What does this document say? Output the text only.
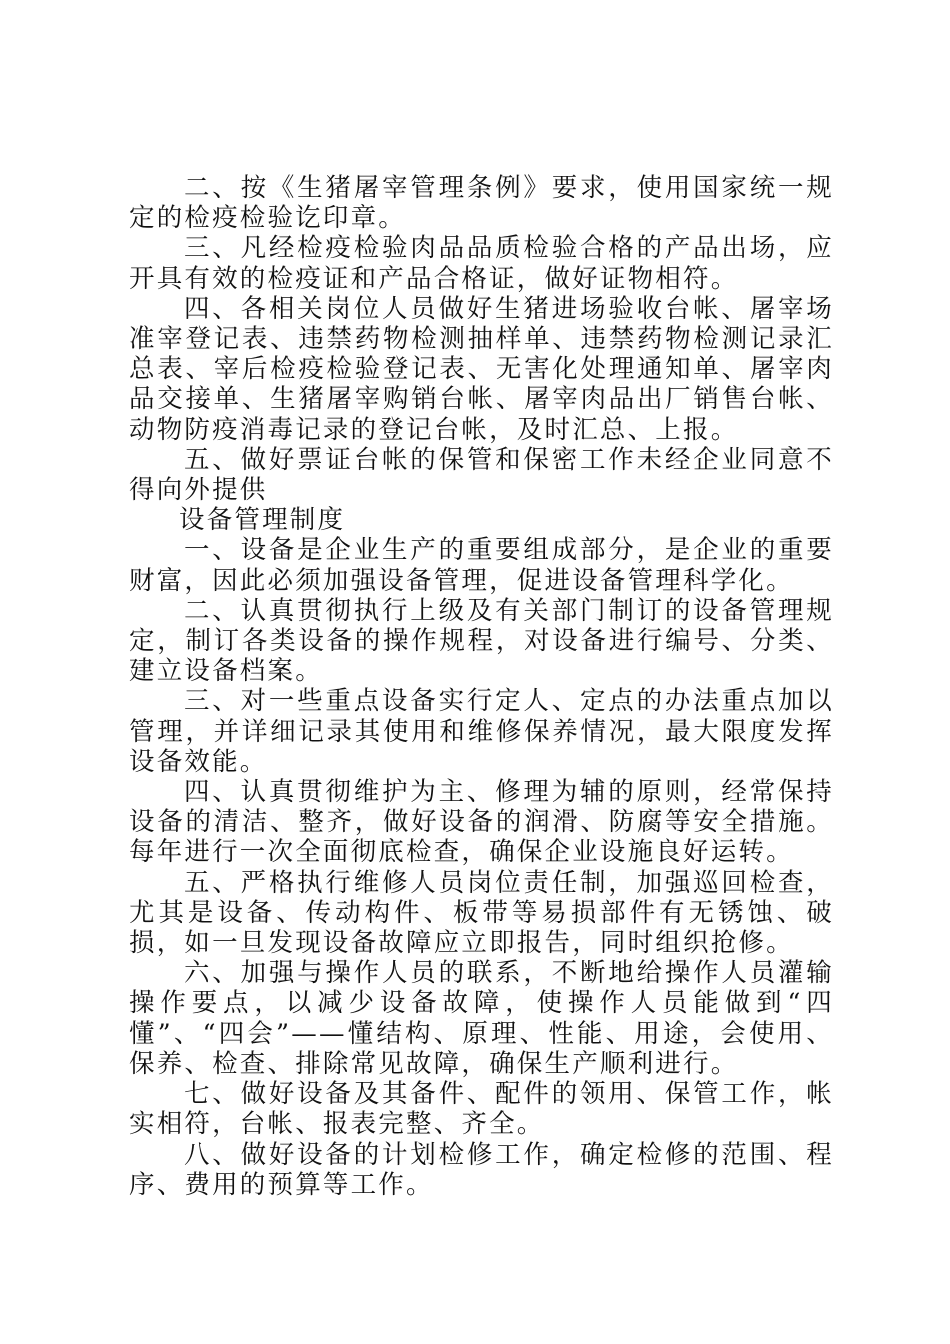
二、按《生猪屠宰管理条例》要求，使用国家统一规定的检疫检验讫印章。

三、凡经检疫检验肉品品质检验合格的产品出场，应开具有效的检疫证和产品合格证，做好证物相符。

四、各相关岗位人员做好生猪进场验收台帐、屠宰场准宰登记表、违禁药物检测抽样单、违禁药物检测记录汇总表、宰后检疫检验登记表、无害化处理通知单、屠宰肉品交接单、生猪屠宰购销台帐、屠宰肉品出厂销售台帐、动物防疫消毒记录的登记台帐，及时汇总、上报。

五、做好票证台帐的保管和保密工作未经企业同意不得向外提供

设备管理制度

一、设备是企业生产的重要组成部分，是企业的重要财富，因此必须加强设备管理，促进设备管理科学化。

二、认真贯彻执行上级及有关部门制订的设备管理规定，制订各类设备的操作规程，对设备进行编号、分类、建立设备档案。

三、对一些重点设备实行定人、定点的办法重点加以管理，并详细记录其使用和维修保养情况，最大限度发挥设备效能。

四、认真贯彻维护为主、修理为辅的原则，经常保持设备的清洁、整齐，做好设备的润滑、防腐等安全措施。每年进行一次全面彻底检查，确保企业设施良好运转。

五、严格执行维修人员岗位责任制，加强巡回检查，尤其是设备、传动构件、板带等易损部件有无锈蚀、破损，如一旦发现设备故障应立即报告，同时组织抢修。

六、加强与操作人员的联系，不断地给操作人员灌输操作要点，以减少设备故障，使操作人员能做到“四懂”、“四会”——懂结构、原理、性能、用途，会使用、保养、检查、排除常见故障，确保生产顺利进行。

七、做好设备及其备件、配件的领用、保管工作，帐实相符，台帐、报表完整、齐全。

八、做好设备的计划检修工作，确定检修的范围、程序、费用的预算等工作。
